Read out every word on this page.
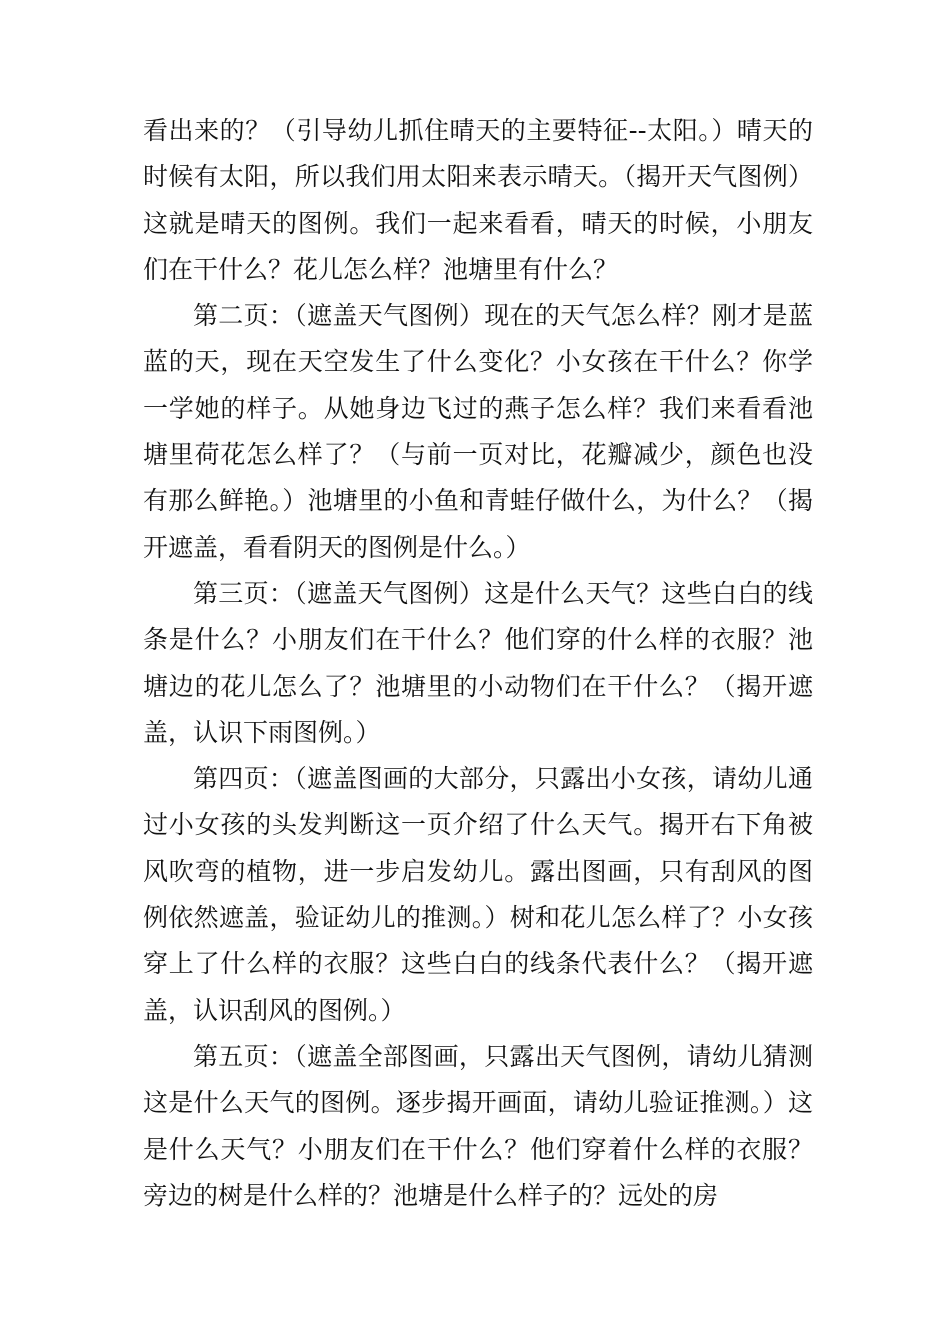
看出来的？（引导幼儿抓住晴天的主要特征--太阳。）晴天的时候有太阳，所以我们用太阳来表示晴天。（揭开天气图例）这就是晴天的图例。我们一起来看看，晴天的时候，小朋友们在干什么？花儿怎么样？池塘里有什么？

第二页：（遮盖天气图例）现在的天气怎么样？刚才是蓝蓝的天，现在天空发生了什么变化？小女孩在干什么？你学一学她的样子。从她身边飞过的燕子怎么样？我们来看看池塘里荷花怎么样了？（与前一页对比，花瓣减少，颜色也没有那么鲜艳。）池塘里的小鱼和青蛙仔做什么，为什么？（揭开遮盖，看看阴天的图例是什么。）

第三页：（遮盖天气图例）这是什么天气？这些白白的线条是什么？小朋友们在干什么？他们穿的什么样的衣服？池塘边的花儿怎么了？池塘里的小动物们在干什么？（揭开遮盖，认识下雨图例。）

第四页：（遮盖图画的大部分，只露出小女孩，请幼儿通过小女孩的头发判断这一页介绍了什么天气。揭开右下角被风吹弯的植物，进一步启发幼儿。露出图画，只有刮风的图例依然遮盖，验证幼儿的推测。）树和花儿怎么样了？小女孩穿上了什么样的衣服？这些白白的线条代表什么？（揭开遮盖，认识刮风的图例。）

第五页：（遮盖全部图画，只露出天气图例，请幼儿猜测这是什么天气的图例。逐步揭开画面，请幼儿验证推测。）这是什么天气？小朋友们在干什么？他们穿着什么样的衣服？旁边的树是什么样的？池塘是什么样子的？远处的房
